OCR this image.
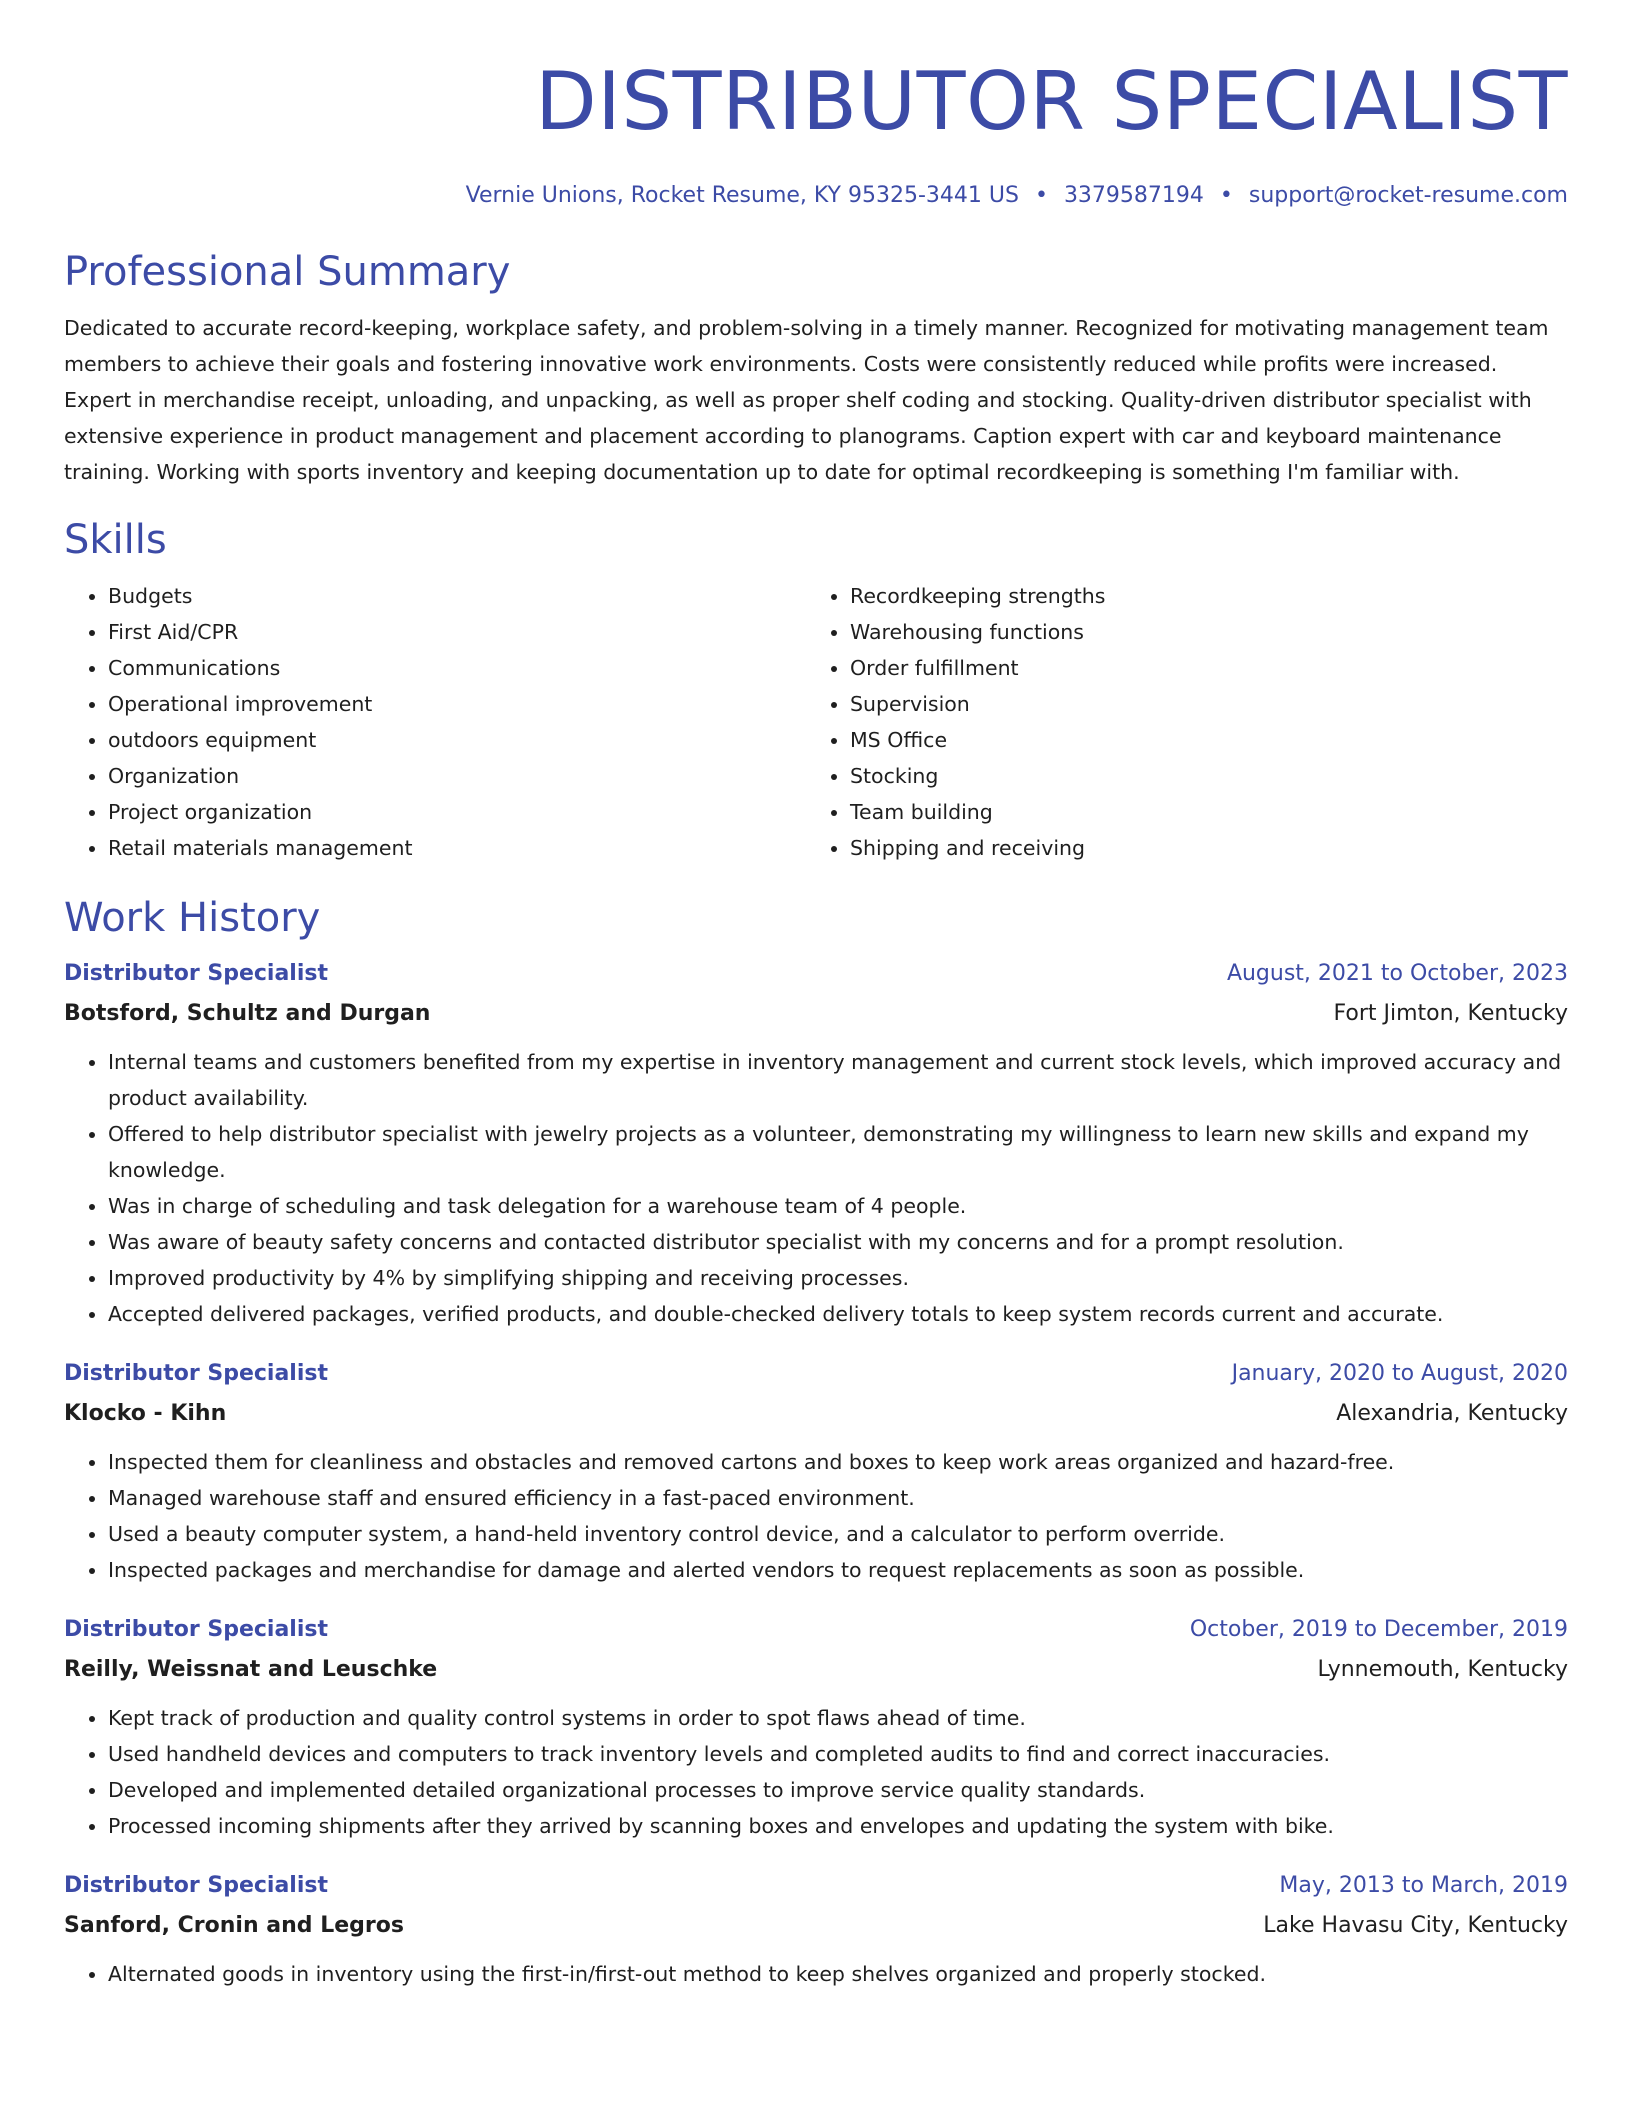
DISTRIBUTOR SPECIALIST
Vernie Unions, Rocket Resume, KY 95325-3441 US • 3379587194 • support@rocket-resume.com
Professional Summary

Dedicated to accurate record-keeping, workplace safety, and problem-solving in a timely manner. Recognized for motivating management team members to achieve their goals and fostering innovative work environments. Costs were consistently reduced while profits were increased. Expert in merchandise receipt, unloading, and unpacking, as well as proper shelf coding and stocking. Quality-driven distributor specialist with extensive experience in product management and placement according to planograms. Caption expert with car and keyboard maintenance training. Working with sports inventory and keeping documentation up to date for optimal recordkeeping is something I'm familiar with.

Skills
• Budgets
• First Aid/CPR
• Communications
• Operational improvement
• outdoors equipment
• Organization
• Project organization
• Retail materials management
• Recordkeeping strengths
• Warehousing functions
• Order fulfillment
• Supervision
• MS Office
• Stocking
• Team building
• Shipping and receiving
Work History
Distributor Specialist	August, 2021 to October, 2023
Botsford, Schultz and Durgan	Fort Jimton, Kentucky
• Internal teams and customers benefited from my expertise in inventory management and current stock levels, which improved accuracy and product availability.
• Offered to help distributor specialist with jewelry projects as a volunteer, demonstrating my willingness to learn new skills and expand my knowledge.
• Was in charge of scheduling and task delegation for a warehouse team of 4 people.
• Was aware of beauty safety concerns and contacted distributor specialist with my concerns and for a prompt resolution.
• Improved productivity by 4% by simplifying shipping and receiving processes.
• Accepted delivered packages, verified products, and double-checked delivery totals to keep system records current and accurate.
Distributor Specialist	January, 2020 to August, 2020
Klocko - Kihn	Alexandria, Kentucky
• Inspected them for cleanliness and obstacles and removed cartons and boxes to keep work areas organized and hazard-free.
• Managed warehouse staff and ensured efficiency in a fast-paced environment.
• Used a beauty computer system, a hand-held inventory control device, and a calculator to perform override.
• Inspected packages and merchandise for damage and alerted vendors to request replacements as soon as possible.
Distributor Specialist	October, 2019 to December, 2019
Reilly, Weissnat and Leuschke	Lynnemouth, Kentucky
• Kept track of production and quality control systems in order to spot flaws ahead of time.
• Used handheld devices and computers to track inventory levels and completed audits to find and correct inaccuracies.
• Developed and implemented detailed organizational processes to improve service quality standards.
• Processed incoming shipments after they arrived by scanning boxes and envelopes and updating the system with bike.
Distributor Specialist	May, 2013 to March, 2019
Sanford, Cronin and Legros	Lake Havasu City, Kentucky
• Alternated goods in inventory using the first-in/first-out method to keep shelves organized and properly stocked.
